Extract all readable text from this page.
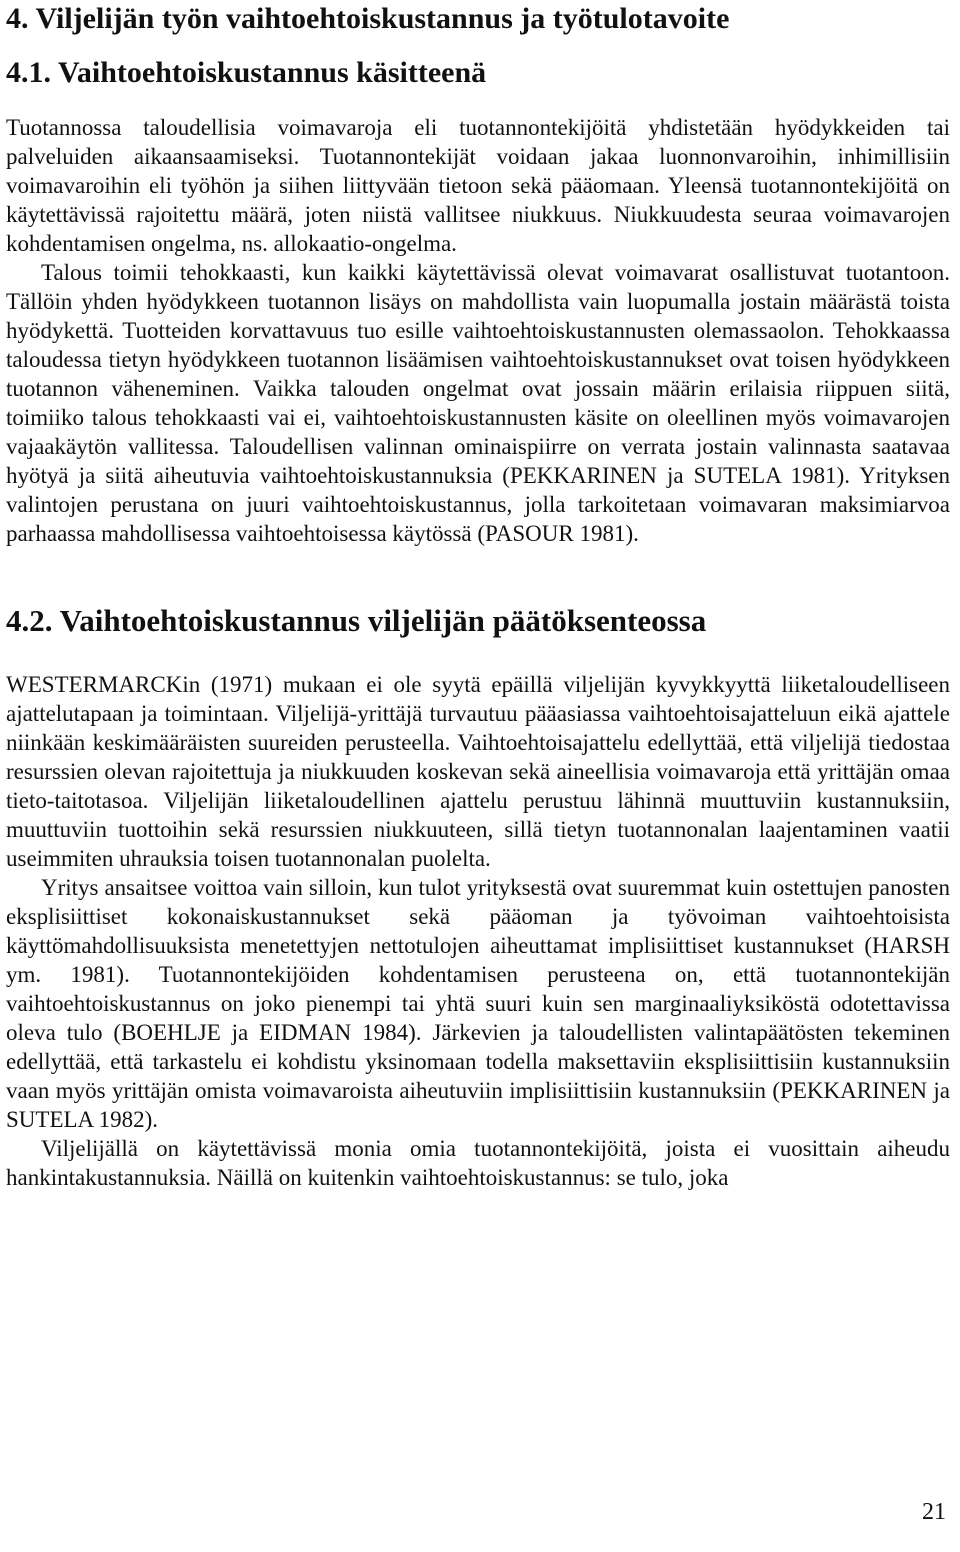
4. Viljelijän työn vaihtoehtoiskustannus ja työtulotavoite
4.1. Vaihtoehtoiskustannus käsitteenä

Tuotannossa taloudellisia voimavaroja eli tuotannontekijöitä yhdistetään hyödykkeiden tai palveluiden aikaansaamiseksi. Tuotannontekijät voidaan jakaa luonnonvaroihin, inhimillisiin voimavaroihin eli työhön ja siihen liittyvään tietoon sekä pääomaan. Yleensä tuotannontekijöitä on käytettävissä rajoitettu määrä, joten niistä vallitsee niukkuus. Niukkuudesta seuraa voimavarojen kohdentamisen ongelma, ns. allokaatio-ongelma.

Talous toimii tehokkaasti, kun kaikki käytettävissä olevat voimavarat osallistuvat tuotantoon. Tällöin yhden hyödykkeen tuotannon lisäys on mahdollista vain luopumalla jostain määrästä toista hyödykettä. Tuotteiden korvattavuus tuo esille vaihtoehtoiskustannusten olemassaolon. Tehokkaassa taloudessa tietyn hyödykkeen tuotannon lisäämisen vaihtoehtoiskustannukset ovat toisen hyödykkeen tuotannon väheneminen. Vaikka talouden ongelmat ovat jossain määrin erilaisia riippuen siitä, toimiiko talous tehokkaasti vai ei, vaihtoehtoiskustannusten käsite on oleellinen myös voimavarojen vajaakäytön vallitessa. Taloudellisen valinnan ominaispiirre on verrata jostain valinnasta saatavaa hyötyä ja siitä aiheutuvia vaihtoehtoiskustannuksia (PEKKARINEN ja SUTELA 1981). Yrityksen valintojen perustana on juuri vaihtoehtoiskustannus, jolla tarkoitetaan voimavaran maksimiarvoa parhaassa mahdollisessa vaihtoehtoisessa käytössä (PASOUR 1981).

4.2. Vaihtoehtoiskustannus viljelijän päätöksenteossa

WESTERMARCKin (1971) mukaan ei ole syytä epäillä viljelijän kyvykkyyttä liiketaloudelliseen ajattelutapaan ja toimintaan. Viljelijä-yrittäjä turvautuu pääasiassa vaihtoehtoisajatteluun eikä ajattele niinkään keskimääräisten suureiden perusteella. Vaihtoehtoisajattelu edellyttää, että viljelijä tiedostaa resurssien olevan rajoitettuja ja niukkuuden koskevan sekä aineellisia voimavaroja että yrittäjän omaa tieto-taitotasoa. Viljelijän liiketaloudellinen ajattelu perustuu lähinnä muuttuviin kustannuksiin, muuttuviin tuottoihin sekä resurssien niukkuuteen, sillä tietyn tuotannonalan laajentaminen vaatii useimmiten uhrauksia toisen tuotannonalan puolelta.

Yritys ansaitsee voittoa vain silloin, kun tulot yrityksestä ovat suuremmat kuin ostettujen panosten eksplisiittiset kokonaiskustannukset sekä pääoman ja työvoiman vaihtoehtoisista käyttömahdollisuuksista menetettyjen nettotulojen aiheuttamat implisiittiset kustannukset (HARSH ym. 1981). Tuotannontekijöiden kohdentamisen perusteena on, että tuotannontekijän vaihtoehtoiskustannus on joko pienempi tai yhtä suuri kuin sen marginaaliyksiköstä odotettavissa oleva tulo (BOEHLJE ja EIDMAN 1984). Järkevien ja taloudellisten valintapäätösten tekeminen edellyttää, että tarkastelu ei kohdistu yksinomaan todella maksettaviin eksplisiittisiin kustannuksiin vaan myös yrittäjän omista voimavaroista aiheutuviin implisiittisiin kustannuksiin (PEKKARINEN ja SUTELA 1982).

Viljelijällä on käytettävissä monia omia tuotannontekijöitä, joista ei vuosittain aiheudu hankintakustannuksia. Näillä on kuitenkin vaihtoehtoiskustannus: se tulo, joka

21
